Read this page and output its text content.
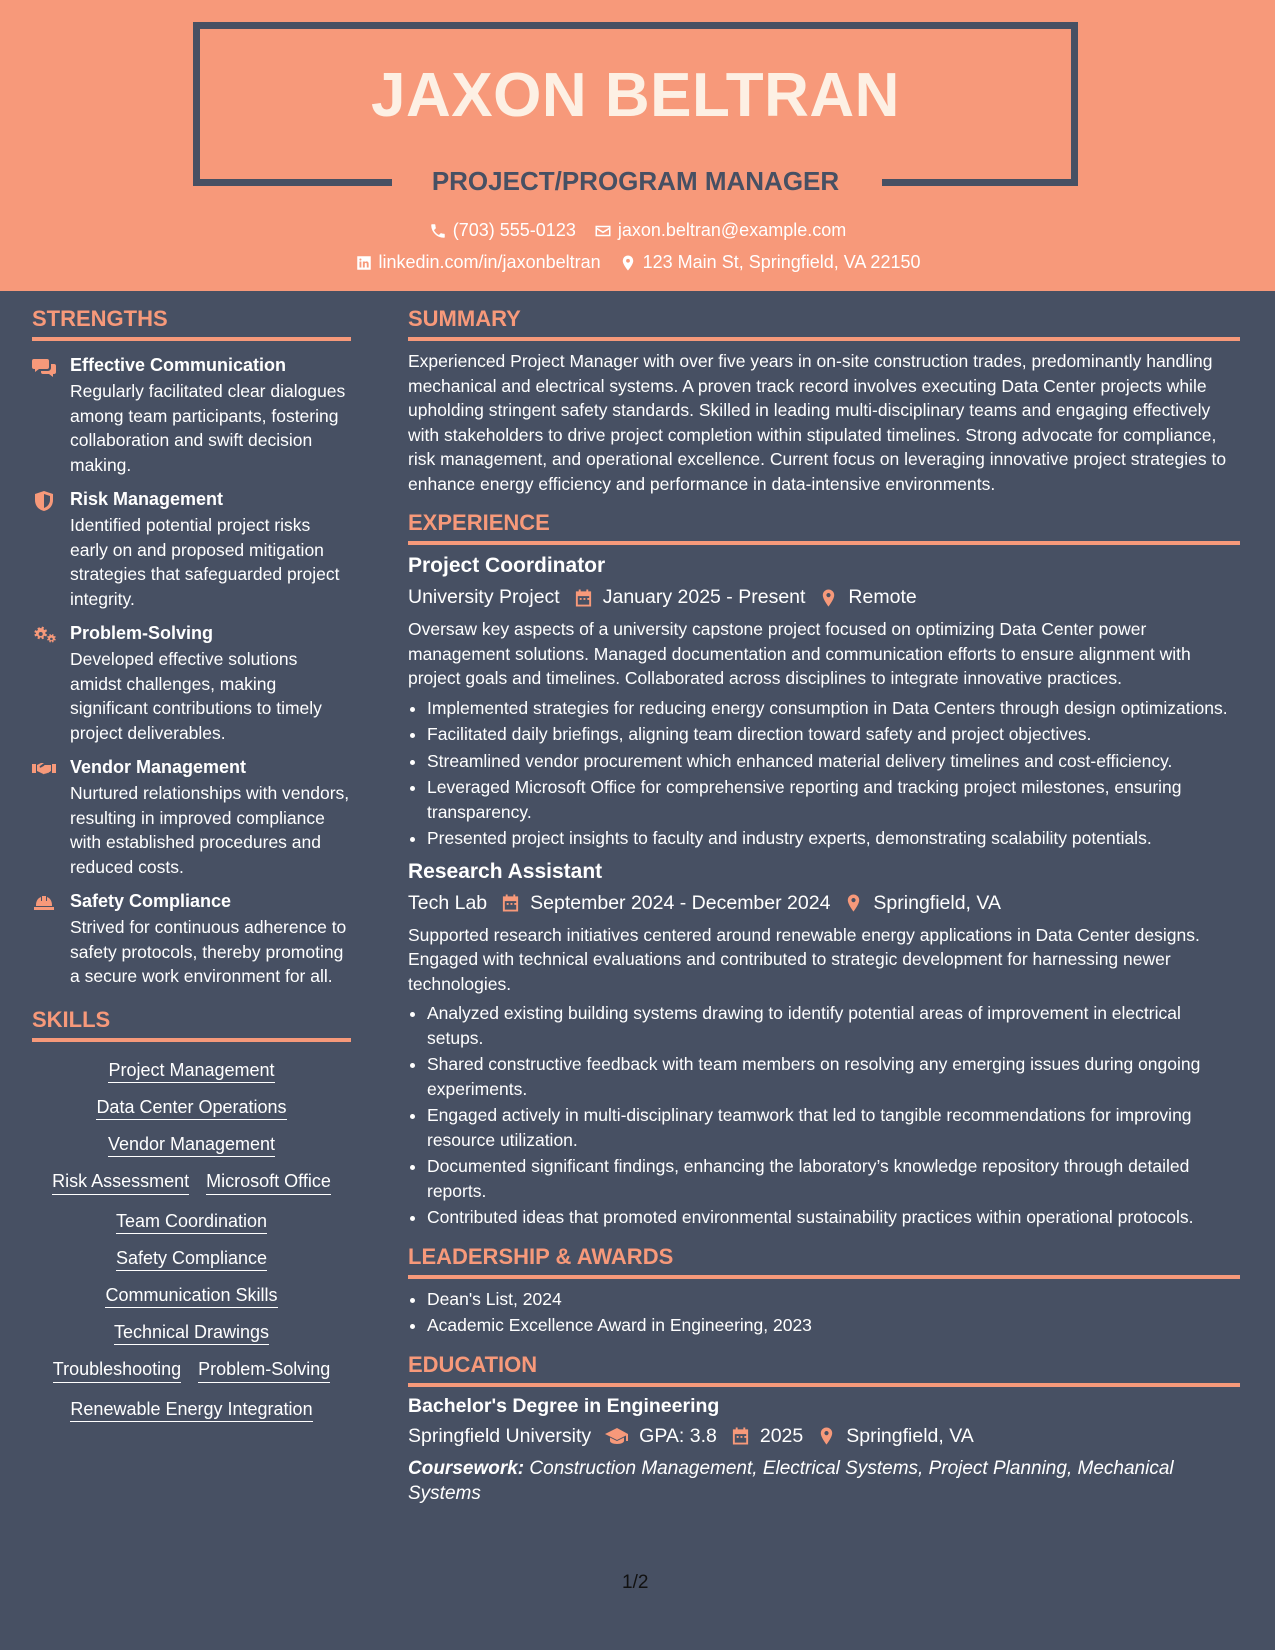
JAXON BELTRAN
PROJECT/PROGRAM MANAGER
(703) 555-0123 jaxon.beltran@example.com
linkedin.com/in/jaxonbeltran 123 Main St, Springfield, VA 22150
STRENGTHS

Effective Communication

Regularly facilitated clear dialogues among team participants, fostering collaboration and swift decision making.

Risk Management

Identified potential project risks early on and proposed mitigation strategies that safeguarded project integrity.

Problem-Solving

Developed effective solutions amidst challenges, making significant contributions to timely project deliverables.

Vendor Management

Nurtured relationships with vendors, resulting in improved compliance with established procedures and reduced costs.

Safety Compliance

Strived for continuous adherence to safety protocols, thereby promoting a secure work environment for all.

SKILLS
Project Management
Data Center Operations
Vendor Management
Risk Assessment Microsoft Office
Team Coordination
Safety Compliance
Communication Skills
Technical Drawings
Troubleshooting Problem-Solving
Renewable Energy Integration
SUMMARY

Experienced Project Manager with over five years in on-site construction trades, predominantly handling mechanical and electrical systems. A proven track record involves executing Data Center projects while upholding stringent safety standards. Skilled in leading multi-disciplinary teams and engaging effectively with stakeholders to drive project completion within stipulated timelines. Strong advocate for compliance, risk management, and operational excellence. Current focus on leveraging innovative project strategies to enhance energy efficiency and performance in data-intensive environments.

EXPERIENCE

Project Coordinator

University Project January 2025 - Present Remote

Oversaw key aspects of a university capstone project focused on optimizing Data Center power management solutions. Managed documentation and communication efforts to ensure alignment with project goals and timelines. Collaborated across disciplines to integrate innovative practices.

• Implemented strategies for reducing energy consumption in Data Centers through design optimizations.
• Facilitated daily briefings, aligning team direction toward safety and project objectives.
• Streamlined vendor procurement which enhanced material delivery timelines and cost-efficiency.
• Leveraged Microsoft Office for comprehensive reporting and tracking project milestones, ensuring transparency.
• Presented project insights to faculty and industry experts, demonstrating scalability potentials.

Research Assistant

Tech Lab September 2024 - December 2024 Springfield, VA

Supported research initiatives centered around renewable energy applications in Data Center designs. Engaged with technical evaluations and contributed to strategic development for harnessing newer technologies.

• Analyzed existing building systems drawing to identify potential areas of improvement in electrical setups.
• Shared constructive feedback with team members on resolving any emerging issues during ongoing experiments.
• Engaged actively in multi-disciplinary teamwork that led to tangible recommendations for improving resource utilization.
• Documented significant findings, enhancing the laboratory’s knowledge repository through detailed reports.
• Contributed ideas that promoted environmental sustainability practices within operational protocols.
LEADERSHIP & AWARDS
• Dean's List, 2024
• Academic Excellence Award in Engineering, 2023
EDUCATION

Bachelor's Degree in Engineering

Springfield University GPA: 3.8 2025 Springfield, VA

Coursework: Construction Management, Electrical Systems, Project Planning, Mechanical Systems

1/2
